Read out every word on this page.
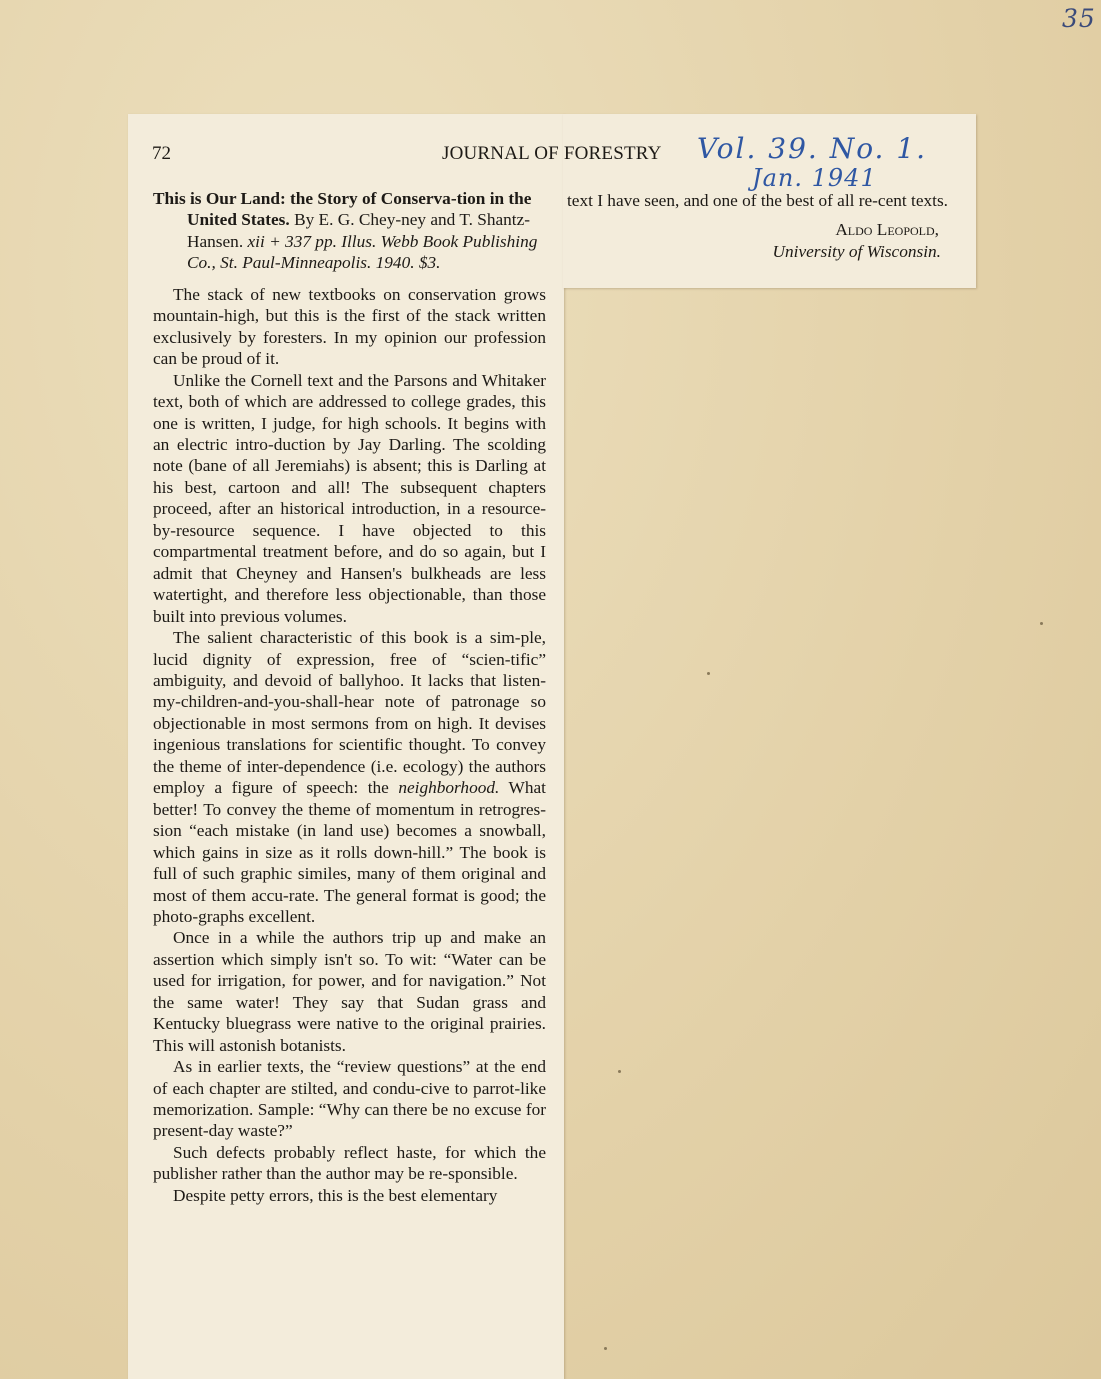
35
72	JOURNAL OF FORESTRY Vol. 39. No. 1.
Jan. 1941

This is Our Land: the Story of Conserva-tion in the United States. By E. G. Chey-ney and T. Shantz-Hansen. xii + 337 pp. Illus. Webb Book Publishing Co., St. Paul-Minneapolis. 1940. $3.

The stack of new textbooks on conservation grows mountain-high, but this is the first of the stack written exclusively by foresters. In my opinion our profession can be proud of it.

Unlike the Cornell text and the Parsons and Whitaker text, both of which are addressed to college grades, this one is written, I judge, for high schools. It begins with an electric intro-duction by Jay Darling. The scolding note (bane of all Jeremiahs) is absent; this is Darling at his best, cartoon and all! The subsequent chapters proceed, after an historical introduction, in a resource-by-resource sequence. I have objected to this compartmental treatment before, and do so again, but I admit that Cheyney and Hansen's bulkheads are less watertight, and therefore less objectionable, than those built into previous volumes.

The salient characteristic of this book is a sim-ple, lucid dignity of expression, free of “scien-tific” ambiguity, and devoid of ballyhoo. It lacks that listen-my-children-and-you-shall-hear note of patronage so objectionable in most sermons from on high. It devises ingenious translations for scientific thought. To convey the theme of inter-dependence (i.e. ecology) the authors employ a figure of speech: the neighborhood. What better! To convey the theme of momentum in retrogres-sion “each mistake (in land use) becomes a snowball, which gains in size as it rolls down-hill.” The book is full of such graphic similes, many of them original and most of them accu-rate. The general format is good; the photo-graphs excellent.

Once in a while the authors trip up and make an assertion which simply isn't so. To wit: “Water can be used for irrigation, for power, and for navigation.” Not the same water! They say that Sudan grass and Kentucky bluegrass were native to the original prairies. This will astonish botanists.

As in earlier texts, the “review questions” at the end of each chapter are stilted, and condu-cive to parrot-like memorization. Sample: “Why can there be no excuse for present-day waste?”

Such defects probably reflect haste, for which the publisher rather than the author may be re-sponsible.

Despite petty errors, this is the best elementary

text I have seen, and one of the best of all re-cent texts.

Aldo Leopold,

University of Wisconsin.
